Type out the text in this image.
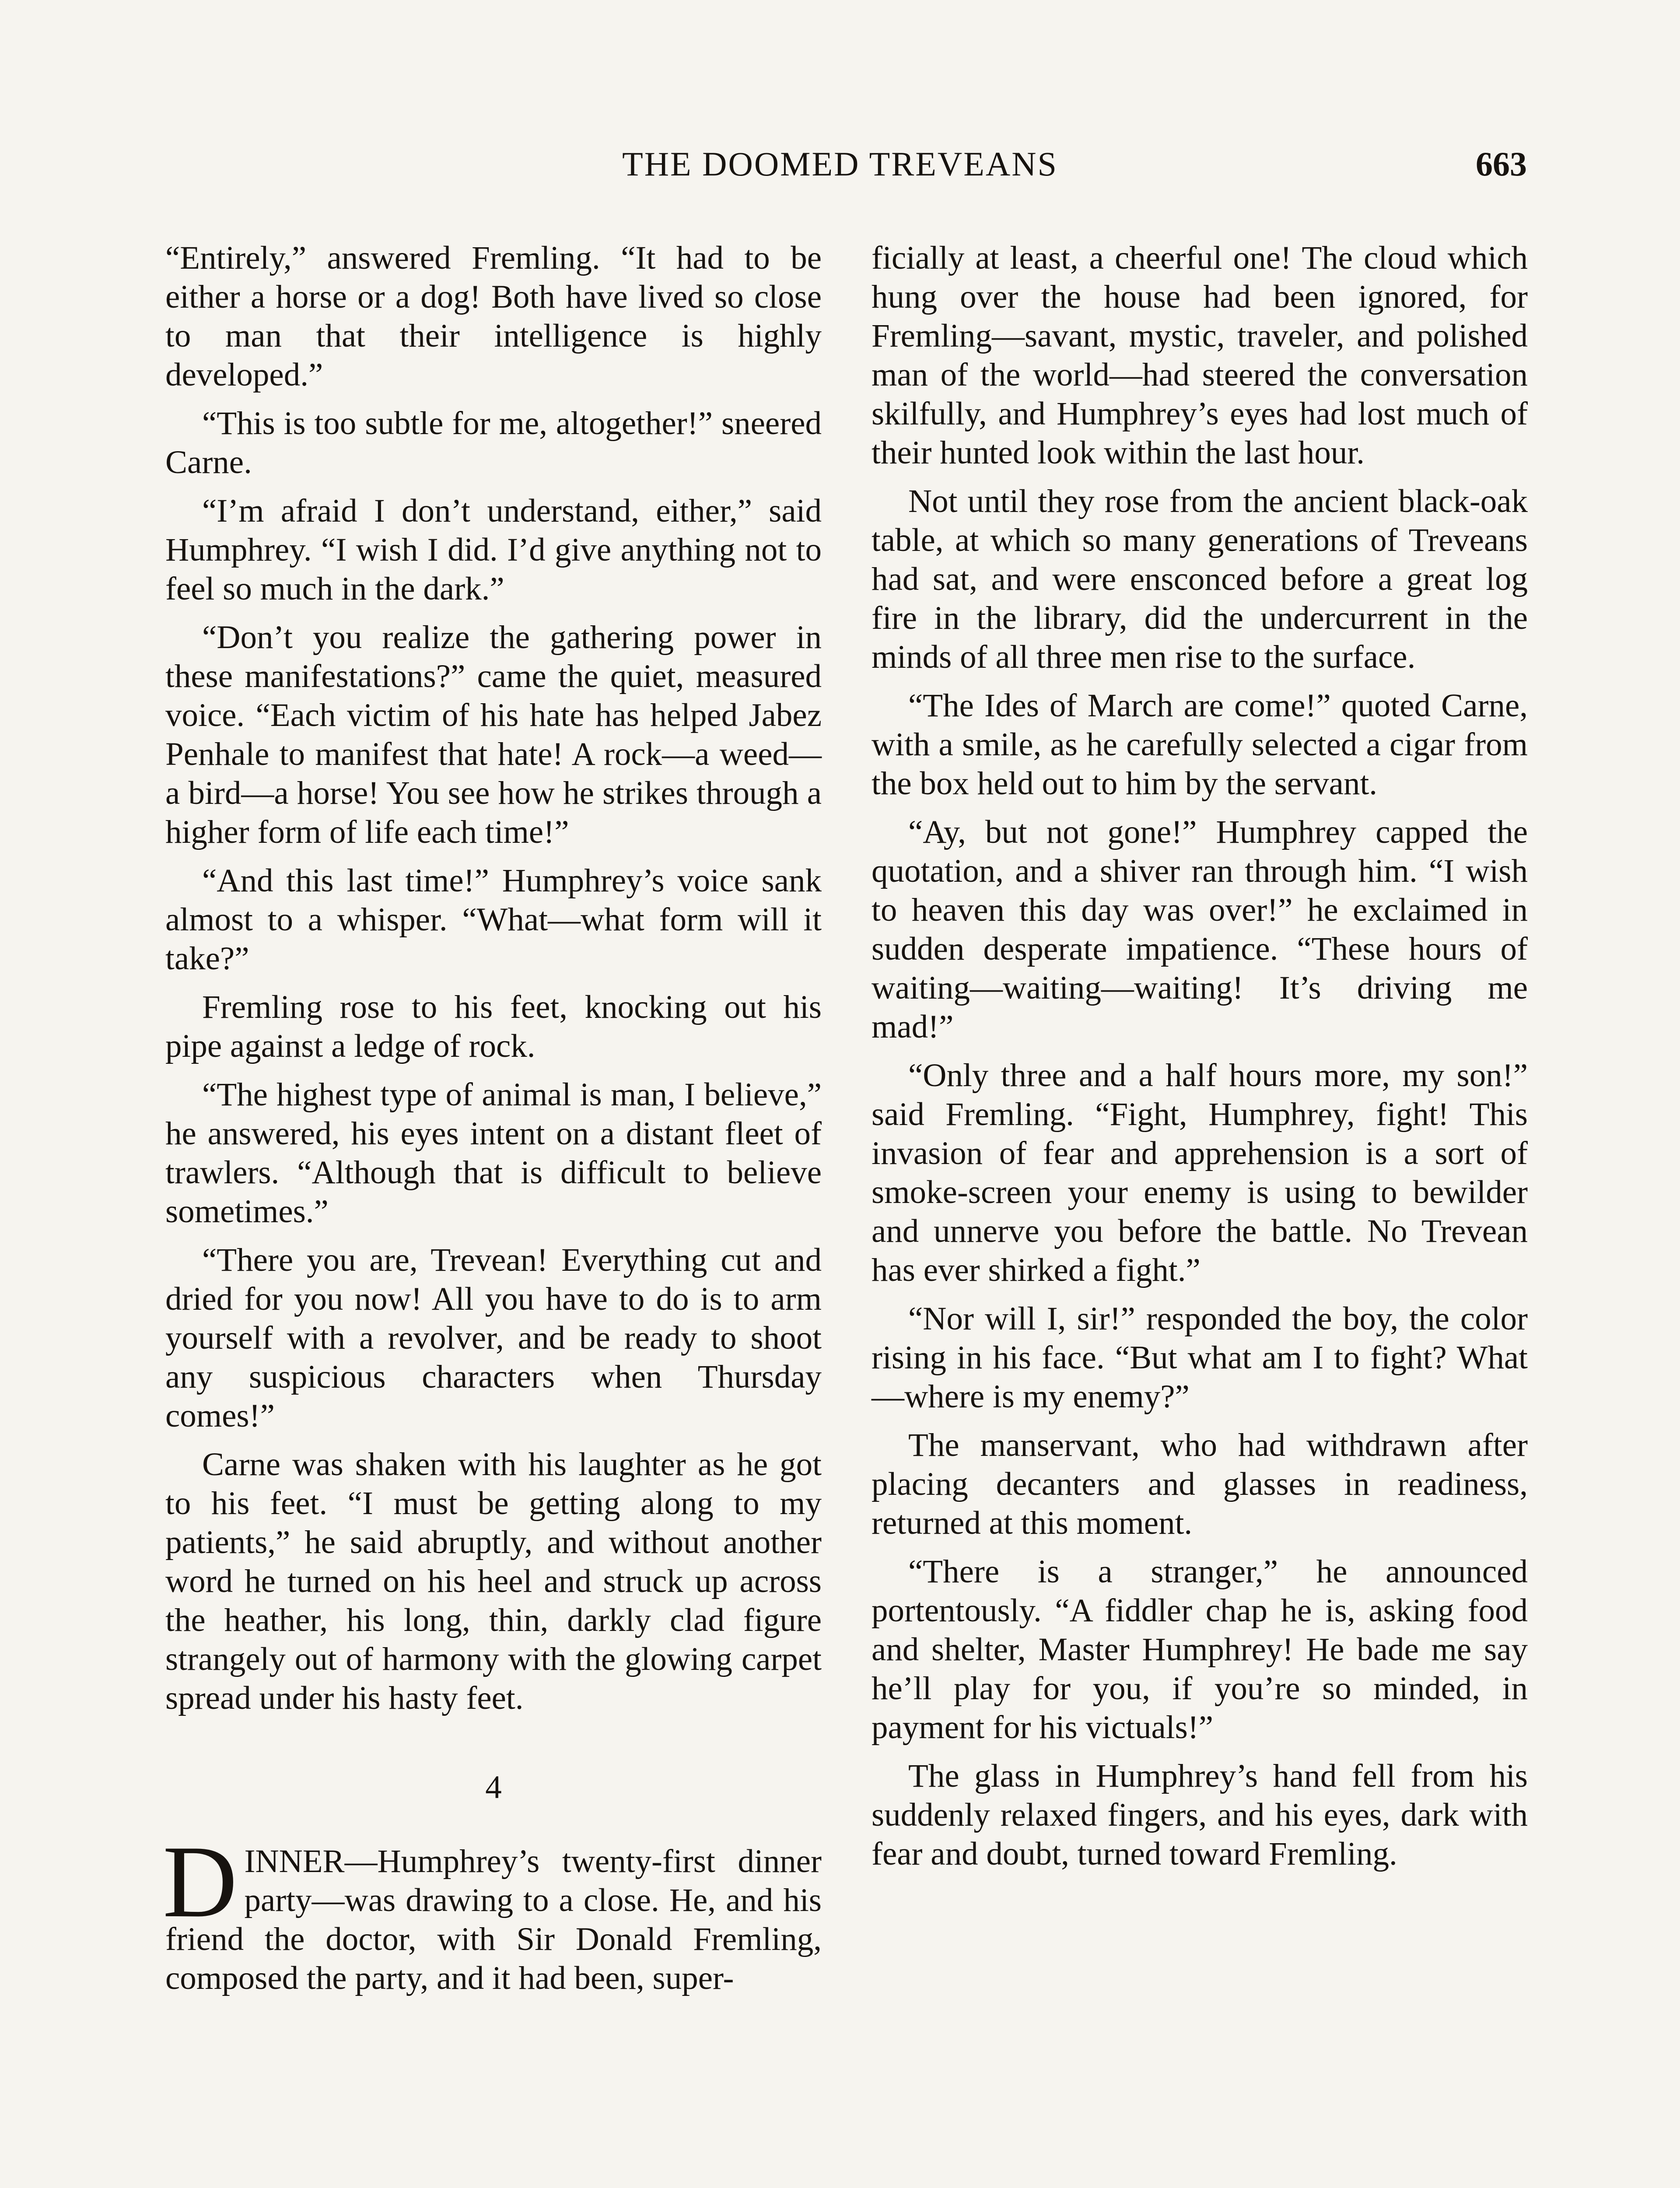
THE DOOMED TREVEANS	663

“Entirely,” answered Fremling. “It had to be either a horse or a dog! Both have lived so close to man that their intelligence is highly developed.”

“This is too subtle for me, altogether!” sneered Carne.

“I’m afraid I don’t understand, either,” said Humphrey. “I wish I did. I’d give anything not to feel so much in the dark.”

“Don’t you realize the gathering power in these manifestations?” came the quiet, measured voice. “Each victim of his hate has helped Jabez Penhale to manifest that hate! A rock—a weed—a bird—a horse! You see how he strikes through a higher form of life each time!”

“And this last time!” Humphrey’s voice sank almost to a whisper. “What—what form will it take?”

Fremling rose to his feet, knocking out his pipe against a ledge of rock.

“The highest type of animal is man, I believe,” he answered, his eyes intent on a distant fleet of trawlers. “Although that is difficult to believe sometimes.”

“There you are, Trevean! Everything cut and dried for you now! All you have to do is to arm yourself with a revolver, and be ready to shoot any suspicious characters when Thursday comes!”

Carne was shaken with his laughter as he got to his feet. “I must be getting along to my patients,” he said abruptly, and without another word he turned on his heel and struck up across the heather, his long, thin, darkly clad figure strangely out of harmony with the glowing carpet spread under his hasty feet.

4

DINNER—Humphrey’s twenty-first dinner party—was drawing to a close. He, and his friend the doctor, with Sir Donald Fremling, composed the party, and it had been, super-

ficially at least, a cheerful one! The cloud which hung over the house had been ignored, for Fremling—savant, mystic, traveler, and polished man of the world—had steered the conversation skilfully, and Humphrey’s eyes had lost much of their hunted look within the last hour.

Not until they rose from the ancient black-oak table, at which so many generations of Treveans had sat, and were ensconced before a great log fire in the library, did the undercurrent in the minds of all three men rise to the surface.

“The Ides of March are come!” quoted Carne, with a smile, as he carefully selected a cigar from the box held out to him by the servant.

“Ay, but not gone!” Humphrey capped the quotation, and a shiver ran through him. “I wish to heaven this day was over!” he exclaimed in sudden desperate impatience. “These hours of waiting—waiting—waiting! It’s driving me mad!”

“Only three and a half hours more, my son!” said Fremling. “Fight, Humphrey, fight! This invasion of fear and apprehension is a sort of smoke-screen your enemy is using to bewilder and unnerve you before the battle. No Trevean has ever shirked a fight.”

“Nor will I, sir!” responded the boy, the color rising in his face. “But what am I to fight? What—where is my enemy?”

The manservant, who had withdrawn after placing decanters and glasses in readiness, returned at this moment.

“There is a stranger,” he announced portentously. “A fiddler chap he is, asking food and shelter, Master Humphrey! He bade me say he’ll play for you, if you’re so minded, in payment for his victuals!”

The glass in Humphrey’s hand fell from his suddenly relaxed fingers, and his eyes, dark with fear and doubt, turned toward Fremling.
